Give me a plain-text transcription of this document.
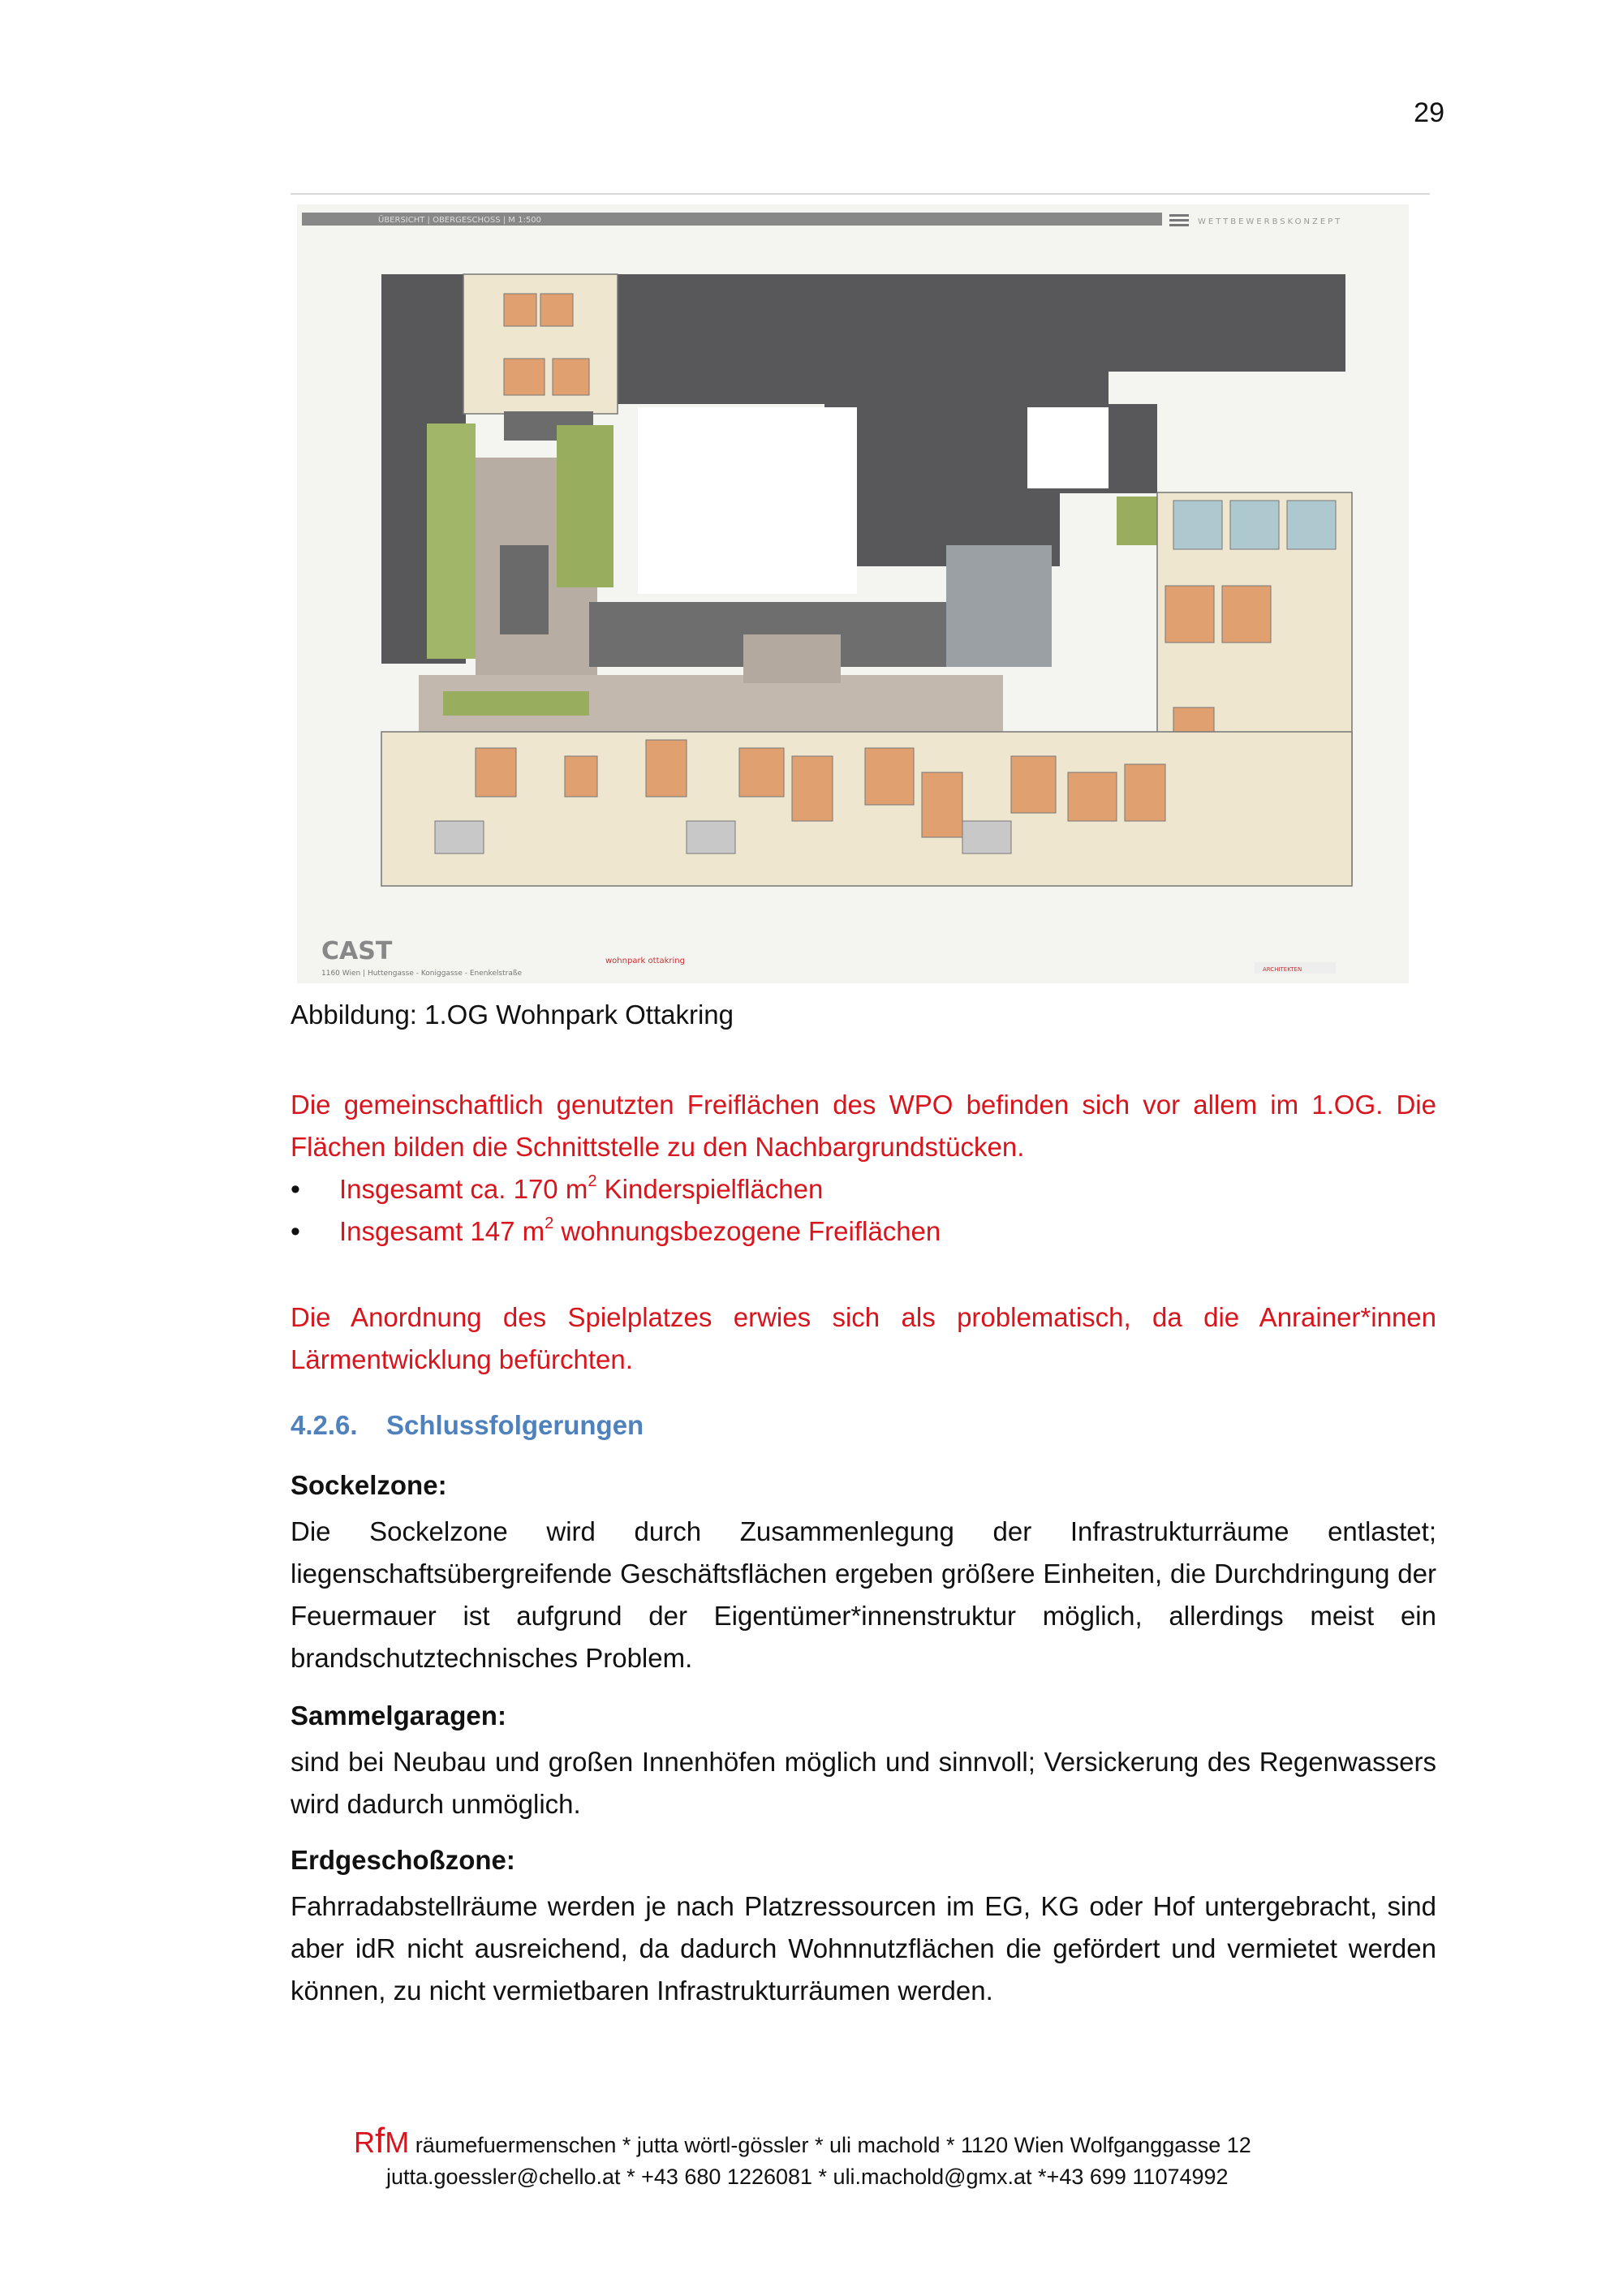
29
ÜBERSICHT | OBERGESCHOSS | M 1:500	WETTBEWERBSKONZEPT
CAST
1160 Wien | Huttengasse - Koniggasse - Enenkelstraße
wohnpark ottakring
ARCHITEKTEN
Abbildung: 1.OG Wohnpark Ottakring
Die gemeinschaftlich genutzten Freiflächen des WPO befinden sich vor allem im 1.OG. Die Flächen bilden die Schnittstelle zu den Nachbargrundstücken.
• Insgesamt ca. 170 $m^2$ Kinderspielflächen
• Insgesamt 147 $m^2$ wohnungsbezogene Freiflächen
Die Anordnung des Spielplatzes erwies sich als problematisch, da die Anrainer*innen Lärmentwicklung befürchten.
4.2.6. Schlussfolgerungen
Sockelzone:
Die Sockelzone wird durch Zusammenlegung der Infrastrukturräume entlastet; liegenschaftsübergreifende Geschäftsflächen ergeben größere Einheiten, die Durchdringung der Feuermauer ist aufgrund der Eigentümer*innenstruktur möglich, allerdings meist ein brandschutztechnisches Problem.
Sammelgaragen:
sind bei Neubau und großen Innenhöfen möglich und sinnvoll; Versickerung des Regenwassers wird dadurch unmöglich.
Erdgeschoßzone:
Fahrradabstellräume werden je nach Platzressourcen im EG, KG oder Hof untergebracht, sind aber idR nicht ausreichend, da dadurch Wohnnutzflächen die gefördert und vermietet werden können, zu nicht vermietbaren Infrastrukturräumen werden.
RfM räumefuermenschen * jutta wörtl-gössler * uli machold * 1120 Wien Wolfganggasse 12
jutta.goessler@chello.at * +43 680 1226081 * uli.machold@gmx.at *+43 699 11074992
